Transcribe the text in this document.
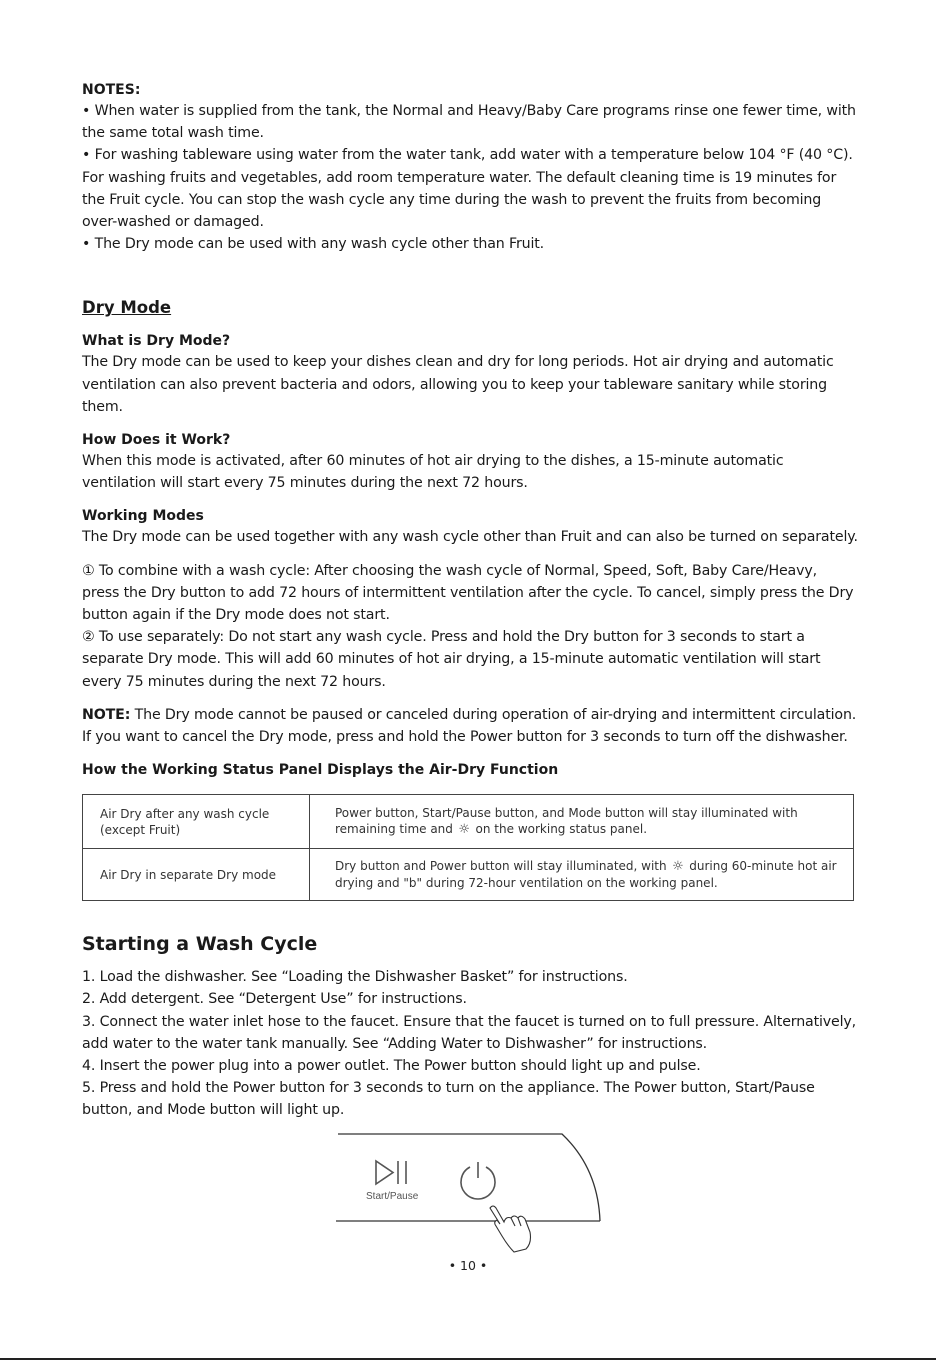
NOTES:

• When water is supplied from the tank, the Normal and Heavy/Baby Care programs rinse one fewer time, with the same total wash time.

• For washing tableware using water from the water tank, add water with a temperature below 104 °F (40 °C). For washing fruits and vegetables, add room temperature water. The default cleaning time is 19 minutes for the Fruit cycle. You can stop the wash cycle any time during the wash to prevent the fruits from becoming over-washed or damaged.

• The Dry mode can be used with any wash cycle other than Fruit.

Dry Mode
What is Dry Mode?

The Dry mode can be used to keep your dishes clean and dry for long periods. Hot air drying and automatic ventilation can also prevent bacteria and odors, allowing you to keep your tableware sanitary while storing them.

How Does it Work?

When this mode is activated, after 60 minutes of hot air drying to the dishes, a 15-minute automatic ventilation will start every 75 minutes during the next 72 hours.

Working Modes

The Dry mode can be used together with any wash cycle other than Fruit and can also be turned on separately.

① To combine with a wash cycle: After choosing the wash cycle of Normal, Speed, Soft, Baby Care/Heavy, press the Dry button to add 72 hours of intermittent ventilation after the cycle. To cancel, simply press the Dry button again if the Dry mode does not start.

② To use separately: Do not start any wash cycle. Press and hold the Dry button for 3 seconds to start a separate Dry mode. This will add 60 minutes of hot air drying, a 15-minute automatic ventilation will start every 75 minutes during the next 72 hours.

NOTE: The Dry mode cannot be paused or canceled during operation of air-drying and intermittent circulation. If you want to cancel the Dry mode, press and hold the Power button for 3 seconds to turn off the dishwasher.

How the Working Status Panel Displays the Air-Dry Function
Air Dry after any wash cycle (except Fruit)	Power button, Start/Pause button, and Mode button will stay illuminated with remaining time and ☼ on the working status panel.
Air Dry in separate Dry mode	Dry button and Power button will stay illuminated, with ☼ during 60-minute hot air drying and "b" during 72-hour ventilation on the working panel.
Starting a Wash Cycle

1. Load the dishwasher. See “Loading the Dishwasher Basket” for instructions.

2. Add detergent. See “Detergent Use” for instructions.

3. Connect the water inlet hose to the faucet. Ensure that the faucet is turned on to full pressure. Alternatively, add water to the water tank manually. See “Adding Water to Dishwasher” for instructions.

4. Insert the power plug into a power outlet. The Power button should light up and pulse.

5. Press and hold the Power button for 3 seconds to turn on the appliance. The Power button, Start/Pause button, and Mode button will light up.

Start/Pause
• 10 •
